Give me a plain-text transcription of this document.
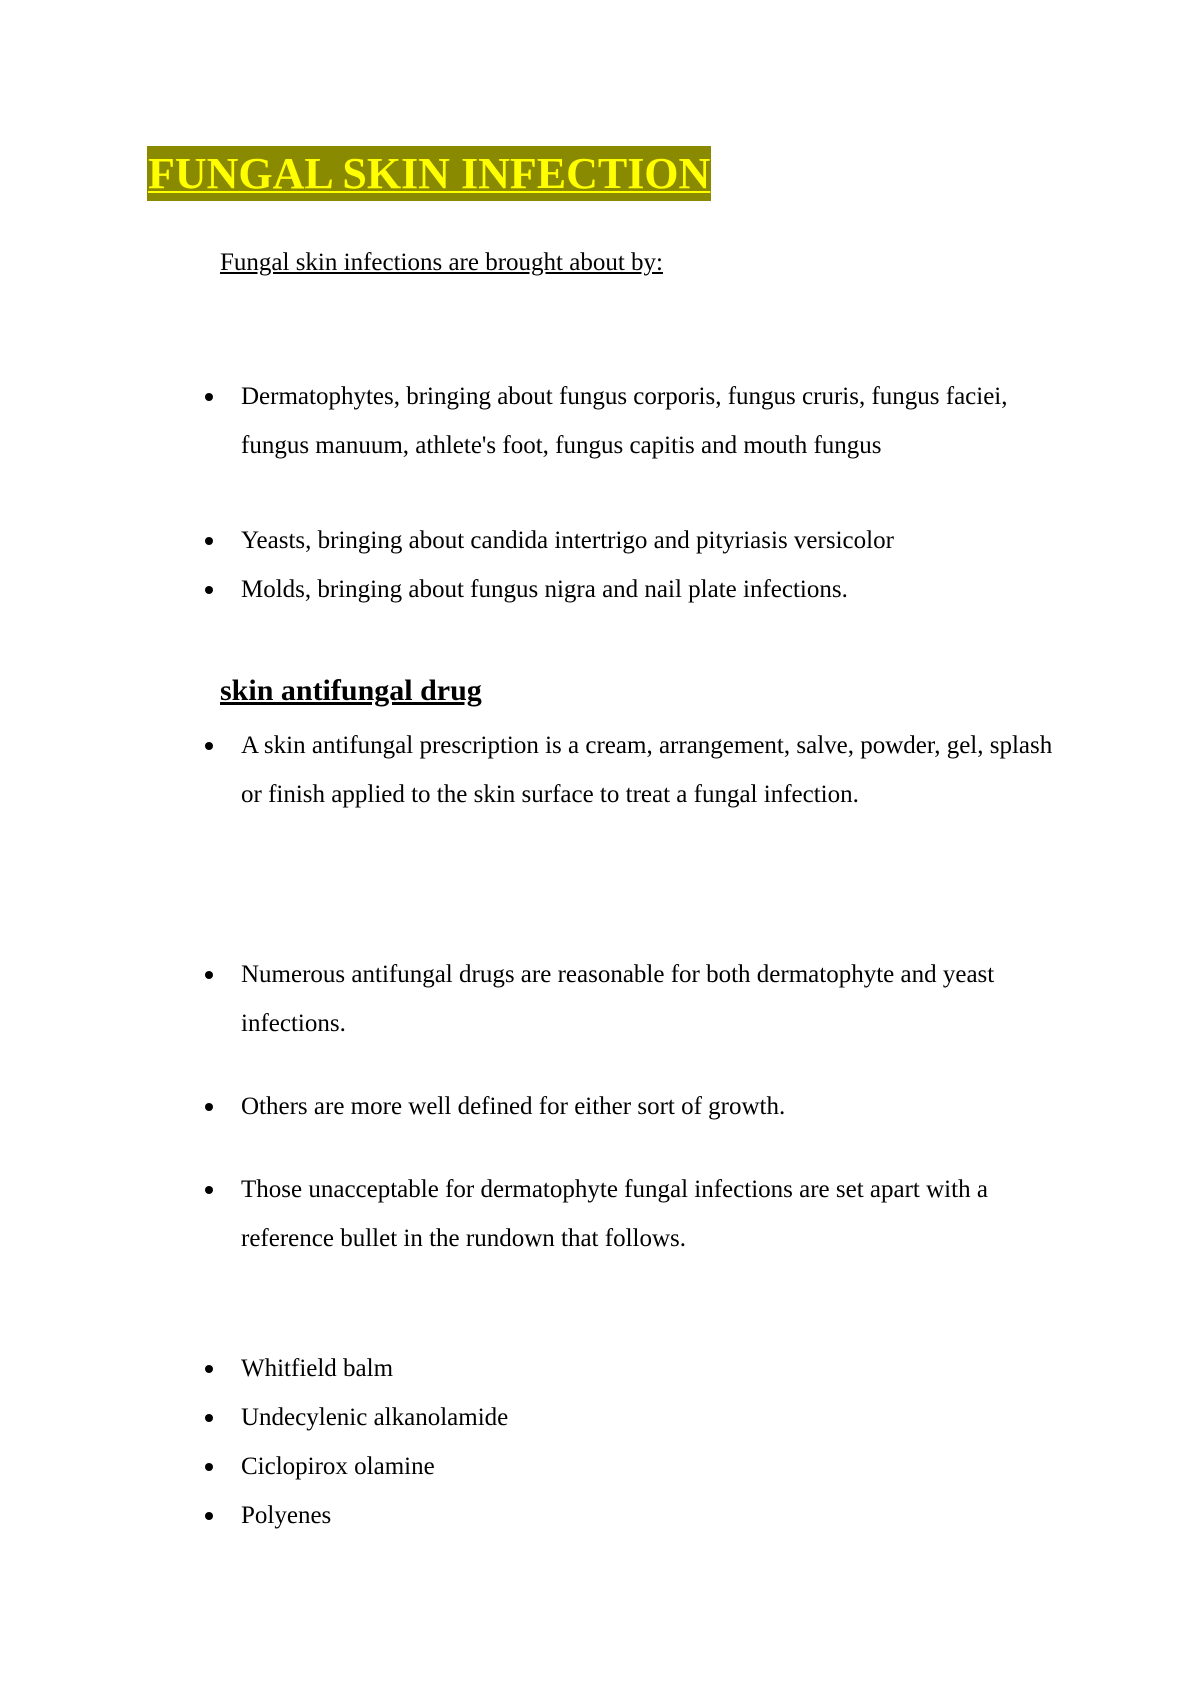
FUNGAL SKIN INFECTION
Fungal skin infections are brought about by:
Dermatophytes, bringing about fungus corporis, fungus cruris, fungus faciei, fungus manuum, athlete's foot, fungus capitis and mouth fungus
Yeasts, bringing about candida intertrigo and pityriasis versicolor
Molds, bringing about fungus nigra and nail plate infections.
skin antifungal drug
A skin antifungal prescription is a cream, arrangement, salve, powder, gel, splash or finish applied to the skin surface to treat a fungal infection.
Numerous antifungal drugs are reasonable for both dermatophyte and yeast infections.
Others are more well defined for either sort of growth.
Those unacceptable for dermatophyte fungal infections are set apart with a reference bullet in the rundown that follows.
Whitfield balm
Undecylenic alkanolamide
Ciclopirox olamine
Polyenes
